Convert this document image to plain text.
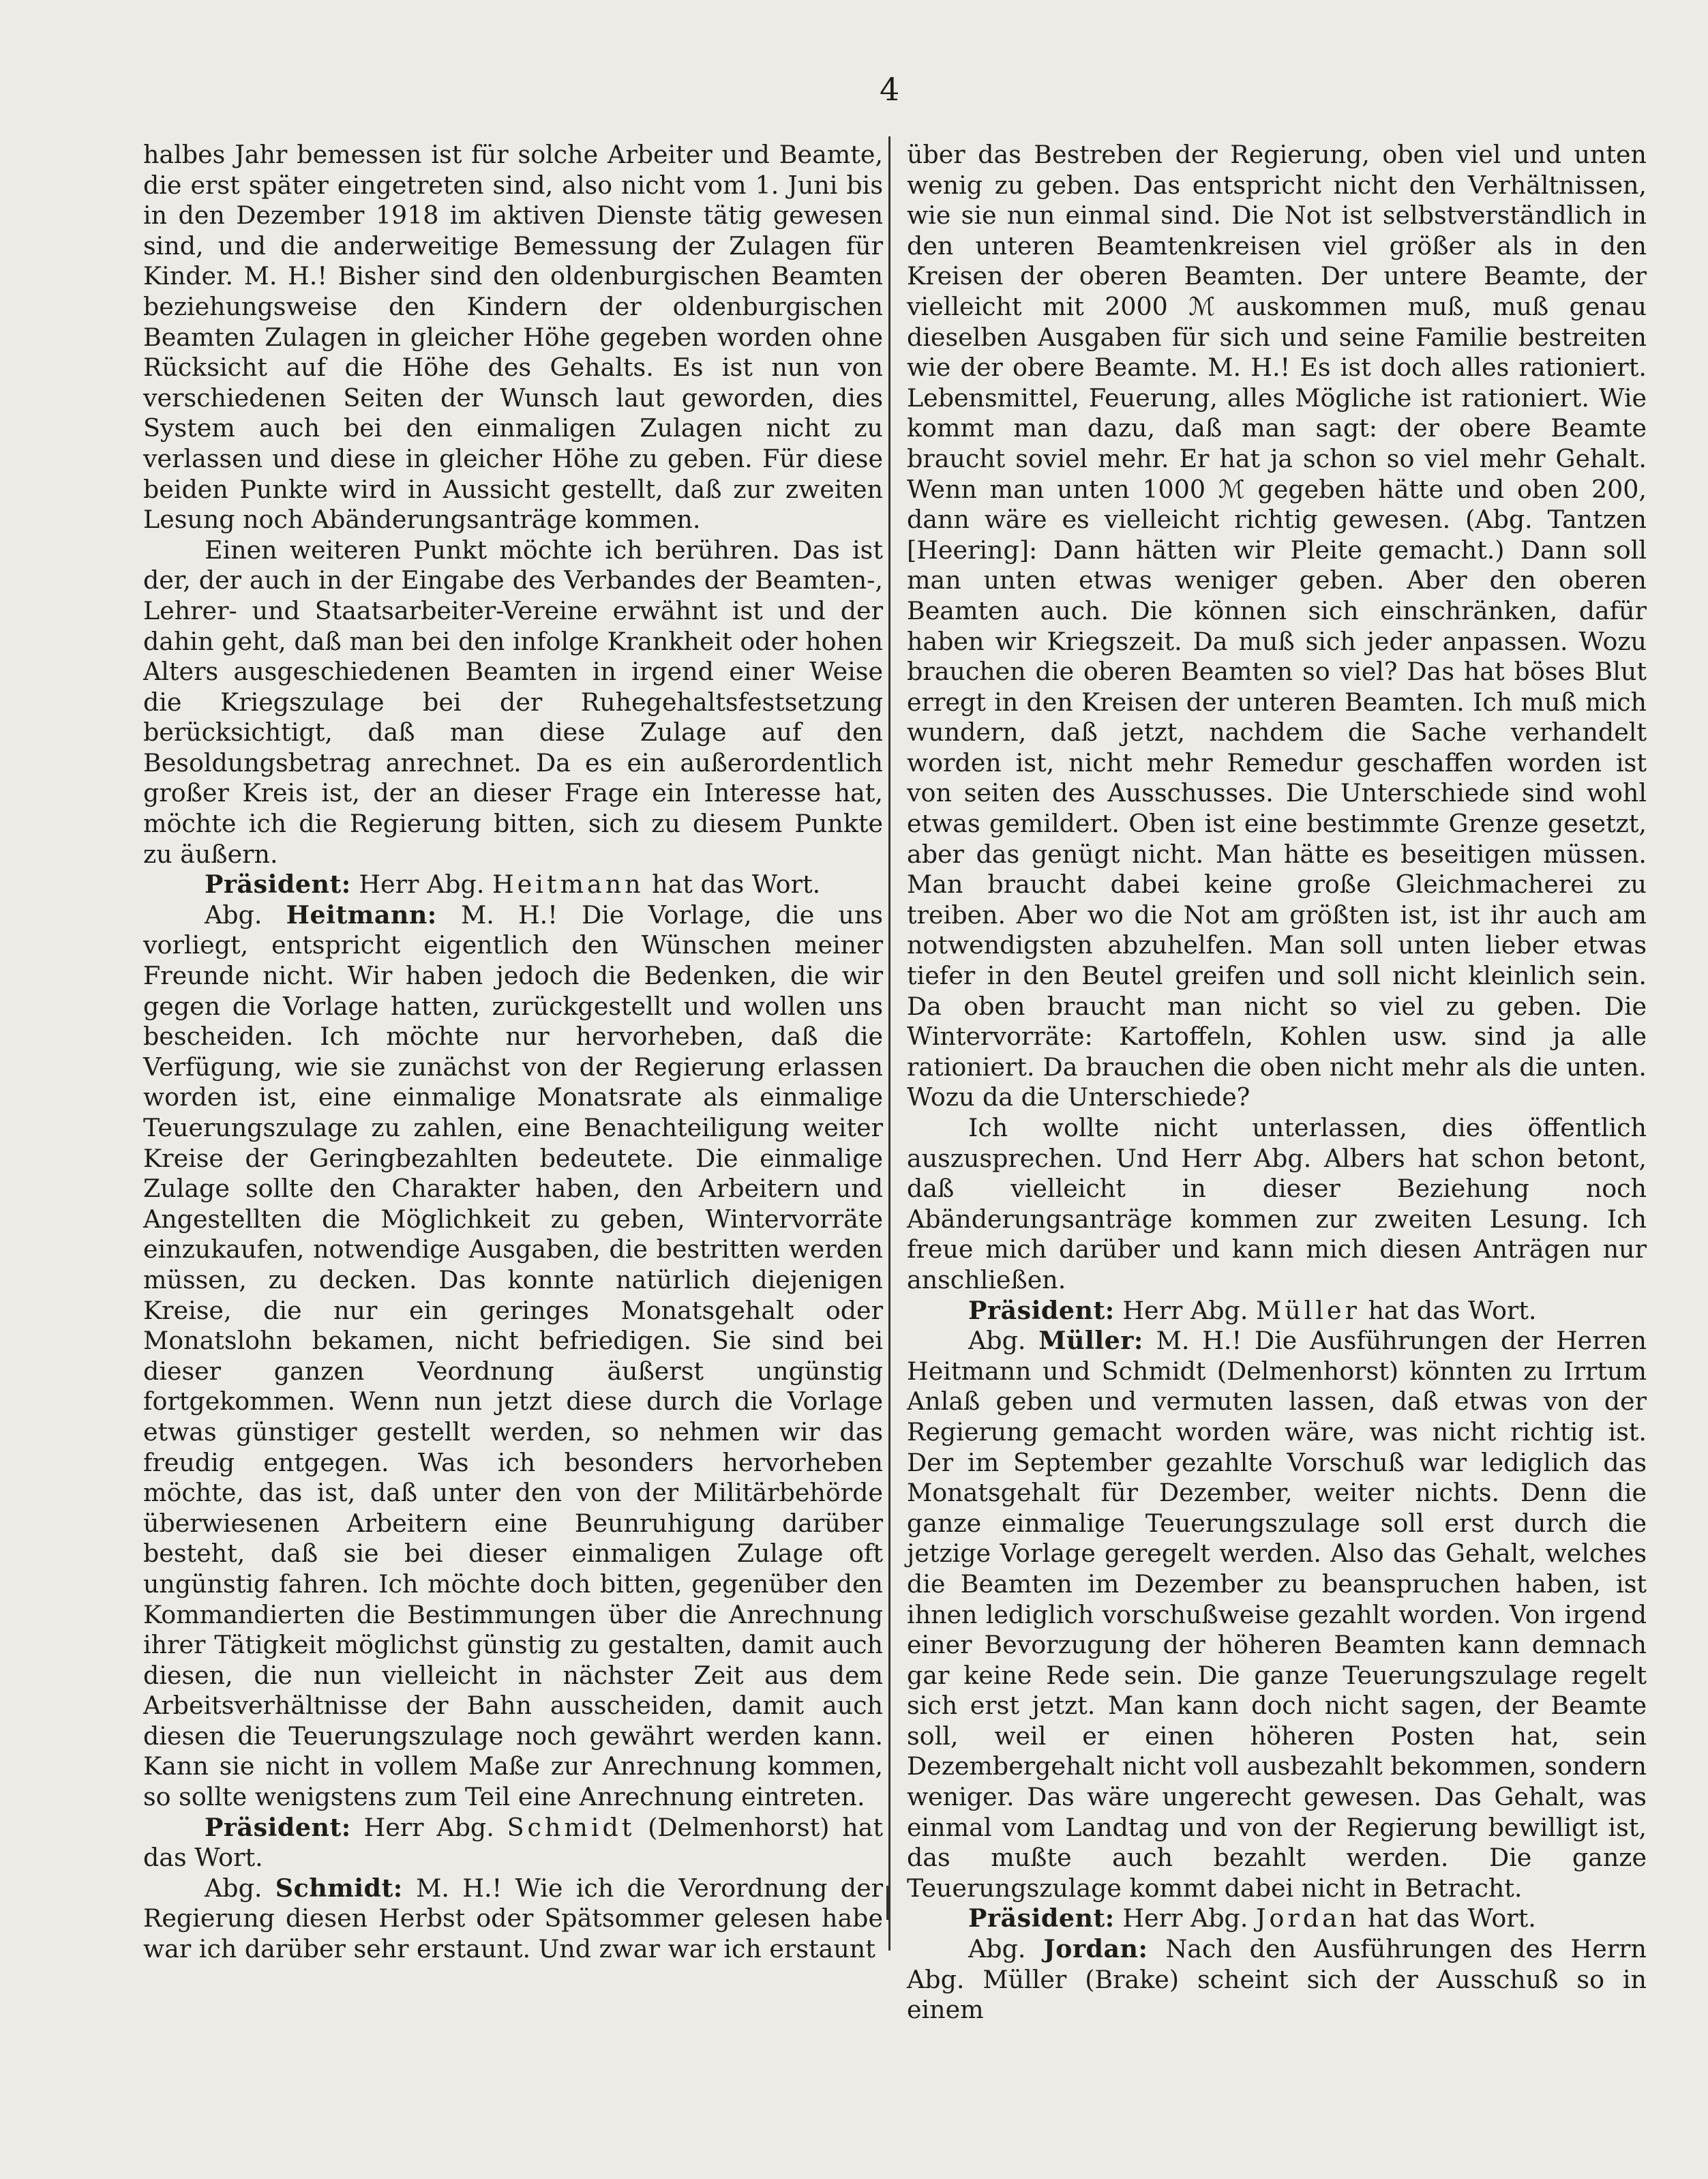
4

halbes Jahr bemessen ist für solche Arbeiter und Beamte, die erst später eingetreten sind, also nicht vom 1. Juni bis in den Dezember 1918 im aktiven Dienste tätig gewesen sind, und die anderweitige Bemessung der Zulagen für Kinder. M. H.! Bisher sind den oldenburgischen Beamten beziehungsweise den Kindern der oldenburgischen Beamten Zulagen in gleicher Höhe gegeben worden ohne Rücksicht auf die Höhe des Gehalts. Es ist nun von verschiedenen Seiten der Wunsch laut geworden, dies System auch bei den einmaligen Zulagen nicht zu verlassen und diese in gleicher Höhe zu geben. Für diese beiden Punkte wird in Aussicht gestellt, daß zur zweiten Lesung noch Abänderungsanträge kommen.

Einen weiteren Punkt möchte ich berühren. Das ist der, der auch in der Eingabe des Verbandes der Beamten-, Lehrer- und Staatsarbeiter-Vereine erwähnt ist und der dahin geht, daß man bei den infolge Krankheit oder hohen Alters ausgeschiedenen Beamten in irgend einer Weise die Kriegszulage bei der Ruhegehaltsfestsetzung berücksichtigt, daß man diese Zulage auf den Besoldungsbetrag anrechnet. Da es ein außerordentlich großer Kreis ist, der an dieser Frage ein Interesse hat, möchte ich die Regierung bitten, sich zu diesem Punkte zu äußern.

Präsident: Herr Abg. Heitmann hat das Wort.

Abg. Heitmann: M. H.! Die Vorlage, die uns vorliegt, entspricht eigentlich den Wünschen meiner Freunde nicht. Wir haben jedoch die Bedenken, die wir gegen die Vorlage hatten, zurückgestellt und wollen uns bescheiden. Ich möchte nur hervorheben, daß die Verfügung, wie sie zunächst von der Regierung erlassen worden ist, eine einmalige Monatsrate als einmalige Teuerungszulage zu zahlen, eine Benachteiligung weiter Kreise der Geringbezahlten bedeutete. Die einmalige Zulage sollte den Charakter haben, den Arbeitern und Angestellten die Möglichkeit zu geben, Wintervorräte einzukaufen, notwendige Ausgaben, die bestritten werden müssen, zu decken. Das konnte natürlich diejenigen Kreise, die nur ein geringes Monatsgehalt oder Monatslohn bekamen, nicht befriedigen. Sie sind bei dieser ganzen Veordnung äußerst ungünstig fortgekommen. Wenn nun jetzt diese durch die Vorlage etwas günstiger gestellt werden, so nehmen wir das freudig entgegen. Was ich besonders hervorheben möchte, das ist, daß unter den von der Militärbehörde überwiesenen Arbeitern eine Beunruhigung darüber besteht, daß sie bei dieser einmaligen Zulage oft ungünstig fahren. Ich möchte doch bitten, gegenüber den Kommandierten die Bestimmungen über die Anrechnung ihrer Tätigkeit möglichst günstig zu gestalten, damit auch diesen, die nun vielleicht in nächster Zeit aus dem Arbeitsverhältnisse der Bahn ausscheiden, damit auch diesen die Teuerungszulage noch gewährt werden kann. Kann sie nicht in vollem Maße zur Anrechnung kommen, so sollte wenigstens zum Teil eine Anrechnung eintreten.

Präsident: Herr Abg. Schmidt (Delmenhorst) hat das Wort.

Abg. Schmidt: M. H.! Wie ich die Verordnung der Regierung diesen Herbst oder Spätsommer gelesen habe war ich darüber sehr erstaunt. Und zwar war ich erstaunt

über das Bestreben der Regierung, oben viel und unten wenig zu geben. Das entspricht nicht den Verhältnissen, wie sie nun einmal sind. Die Not ist selbstverständlich in den unteren Beamtenkreisen viel größer als in den Kreisen der oberen Beamten. Der untere Beamte, der vielleicht mit 2000 ℳ auskommen muß, muß genau dieselben Ausgaben für sich und seine Familie bestreiten wie der obere Beamte. M. H.! Es ist doch alles rationiert. Lebensmittel, Feuerung, alles Mögliche ist rationiert. Wie kommt man dazu, daß man sagt: der obere Beamte braucht soviel mehr. Er hat ja schon so viel mehr Gehalt. Wenn man unten 1000 ℳ gegeben hätte und oben 200, dann wäre es vielleicht richtig gewesen. (Abg. Tantzen [Heering]: Dann hätten wir Pleite gemacht.) Dann soll man unten etwas weniger geben. Aber den oberen Beamten auch. Die können sich einschränken, dafür haben wir Kriegszeit. Da muß sich jeder anpassen. Wozu brauchen die oberen Beamten so viel? Das hat böses Blut erregt in den Kreisen der unteren Beamten. Ich muß mich wundern, daß jetzt, nachdem die Sache verhandelt worden ist, nicht mehr Remedur geschaffen worden ist von seiten des Ausschusses. Die Unterschiede sind wohl etwas gemildert. Oben ist eine bestimmte Grenze gesetzt, aber das genügt nicht. Man hätte es beseitigen müssen. Man braucht dabei keine große Gleichmacherei zu treiben. Aber wo die Not am größten ist, ist ihr auch am notwendigsten abzuhelfen. Man soll unten lieber etwas tiefer in den Beutel greifen und soll nicht kleinlich sein. Da oben braucht man nicht so viel zu geben. Die Wintervorräte: Kartoffeln, Kohlen usw. sind ja alle rationiert. Da brauchen die oben nicht mehr als die unten. Wozu da die Unterschiede?

Ich wollte nicht unterlassen, dies öffentlich auszusprechen. Und Herr Abg. Albers hat schon betont, daß vielleicht in dieser Beziehung noch Abänderungsanträge kommen zur zweiten Lesung. Ich freue mich darüber und kann mich diesen Anträgen nur anschließen.

Präsident: Herr Abg. Müller hat das Wort.

Abg. Müller: M. H.! Die Ausführungen der Herren Heitmann und Schmidt (Delmenhorst) könnten zu Irrtum Anlaß geben und vermuten lassen, daß etwas von der Regierung gemacht worden wäre, was nicht richtig ist. Der im September gezahlte Vorschuß war lediglich das Monatsgehalt für Dezember, weiter nichts. Denn die ganze einmalige Teuerungszulage soll erst durch die jetzige Vorlage geregelt werden. Also das Gehalt, welches die Beamten im Dezember zu beanspruchen haben, ist ihnen lediglich vorschußweise gezahlt worden. Von irgend einer Bevorzugung der höheren Beamten kann demnach gar keine Rede sein. Die ganze Teuerungszulage regelt sich erst jetzt. Man kann doch nicht sagen, der Beamte soll, weil er einen höheren Posten hat, sein Dezembergehalt nicht voll ausbezahlt bekommen, sondern weniger. Das wäre ungerecht gewesen. Das Gehalt, was einmal vom Landtag und von der Regierung bewilligt ist, das mußte auch bezahlt werden. Die ganze Teuerungszulage kommt dabei nicht in Betracht.

Präsident: Herr Abg. Jordan hat das Wort.

Abg. Jordan: Nach den Ausführungen des Herrn Abg. Müller (Brake) scheint sich der Ausschuß so in einem
